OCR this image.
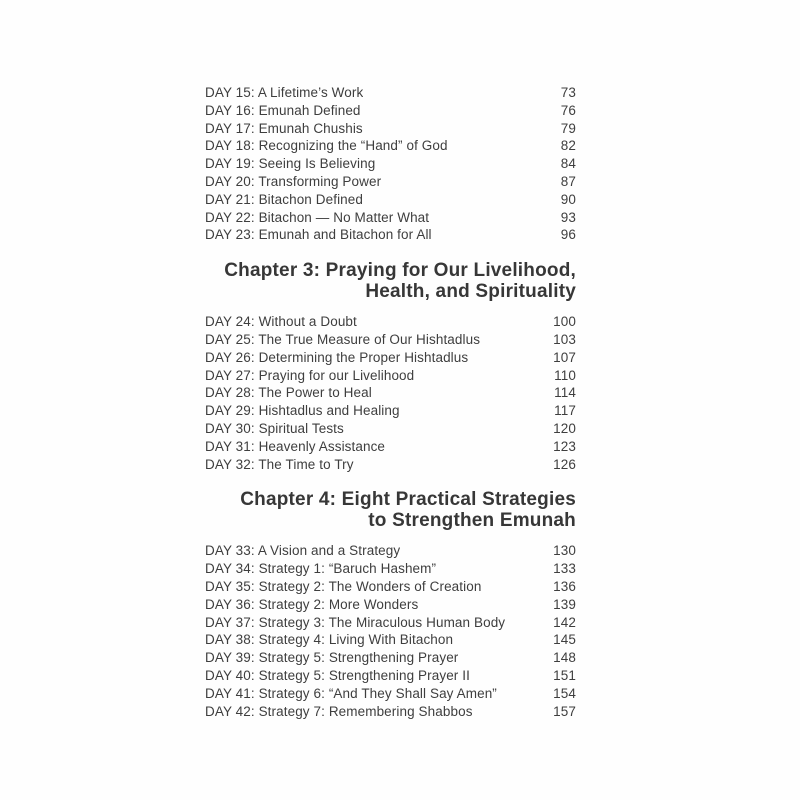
DAY 15: A Lifetime’s Work	73
DAY 16: Emunah Defined	76
DAY 17: Emunah Chushis	79
DAY 18: Recognizing the “Hand” of God	82
DAY 19: Seeing Is Believing	84
DAY 20: Transforming Power	87
DAY 21: Bitachon Defined	90
DAY 22: Bitachon — No Matter What	93
DAY 23: Emunah and Bitachon for All	96
Chapter 3: Praying for Our Livelihood,
Health, and Spirituality
DAY 24: Without a Doubt	100
DAY 25: The True Measure of Our Hishtadlus	103
DAY 26: Determining the Proper Hishtadlus	107
DAY 27: Praying for our Livelihood	110
DAY 28: The Power to Heal	114
DAY 29: Hishtadlus and Healing	117
DAY 30: Spiritual Tests	120
DAY 31: Heavenly Assistance	123
DAY 32: The Time to Try	126
Chapter 4: Eight Practical Strategies
to Strengthen Emunah
DAY 33: A Vision and a Strategy	130
DAY 34: Strategy 1: “Baruch Hashem”	133
DAY 35: Strategy 2: The Wonders of Creation	136
DAY 36: Strategy 2: More Wonders	139
DAY 37: Strategy 3: The Miraculous Human Body	142
DAY 38: Strategy 4: Living With Bitachon	145
DAY 39: Strategy 5: Strengthening Prayer	148
DAY 40: Strategy 5: Strengthening Prayer II	151
DAY 41: Strategy 6: “And They Shall Say Amen”	154
DAY 42: Strategy 7: Remembering Shabbos	157
